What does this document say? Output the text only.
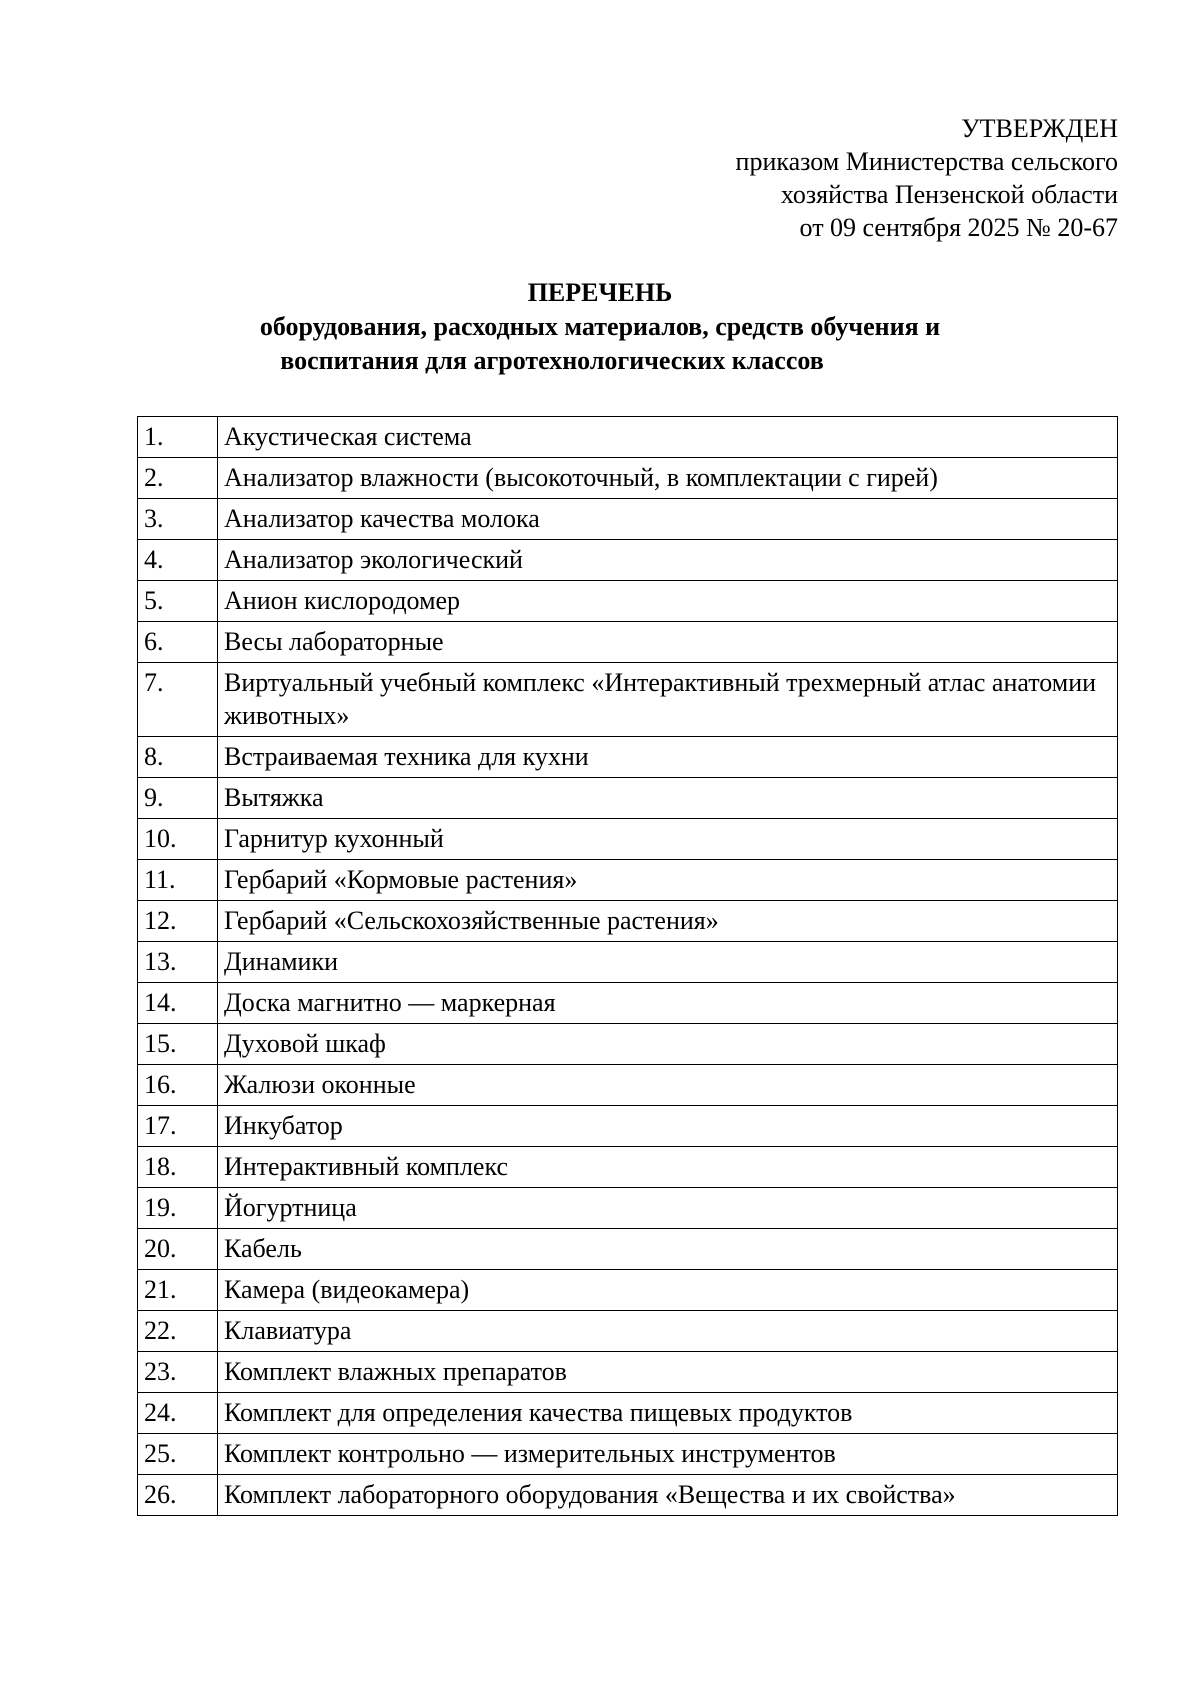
УТВЕРЖДЕН
приказом Министерства сельского
хозяйства Пензенской области
от 09 сентября 2025 № 20-67
ПЕРЕЧЕНЬ
оборудования, расходных материалов, средств обучения и
воспитания для агротехнологических классов
1.	Акустическая система
2.	Анализатор влажности (высокоточный, в комплектации с гирей)
3.	Анализатор качества молока
4.	Анализатор экологический
5.	Анион кислородомер
6.	Весы лабораторные
7.	Виртуальный учебный комплекс «Интерактивный трехмерный атлас анатомии животных»
8.	Встраиваемая техника для кухни
9.	Вытяжка
10.	Гарнитур кухонный
11.	Гербарий «Кормовые растения»
12.	Гербарий «Сельскохозяйственные растения»
13.	Динамики
14.	Доска магнитно — маркерная
15.	Духовой шкаф
16.	Жалюзи оконные
17.	Инкубатор
18.	Интерактивный комплекс
19.	Йогуртница
20.	Кабель
21.	Камера (видеокамера)
22.	Клавиатура
23.	Комплект влажных препаратов
24.	Комплект для определения качества пищевых продуктов
25.	Комплект контрольно — измерительных инструментов
26.	Комплект лабораторного оборудования «Вещества и их свойства»
